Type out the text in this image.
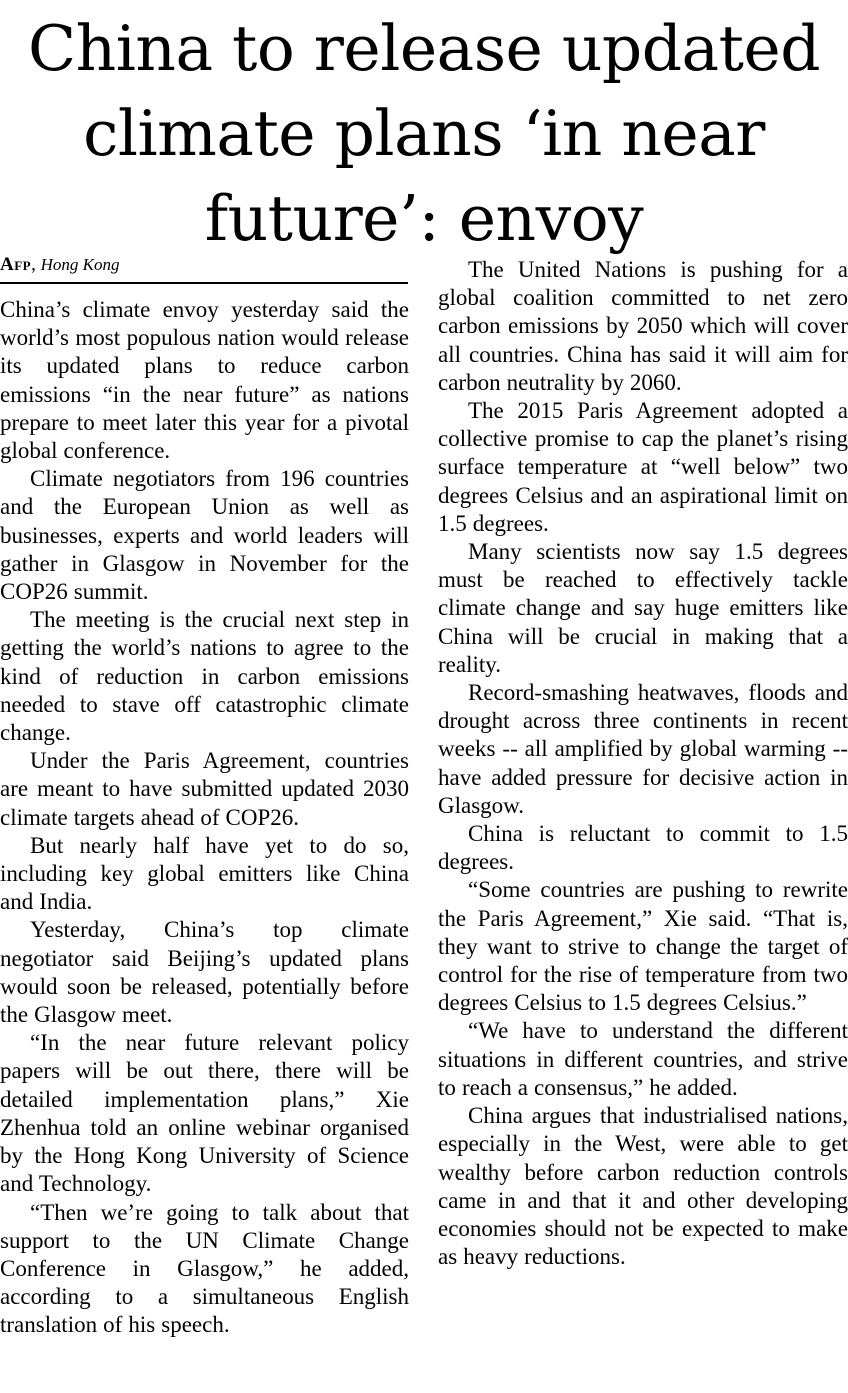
China to release updated climate plans ‘in near future’: envoy
Afp, Hong Kong

China’s climate envoy yesterday said the world’s most populous nation would release its updated plans to reduce carbon emissions “in the near future” as nations prepare to meet later this year for a pivotal global conference.

Climate negotiators from 196 countries and the European Union as well as businesses, experts and world leaders will gather in Glasgow in November for the COP26 summit.

The meeting is the crucial next step in getting the world’s nations to agree to the kind of reduction in carbon emissions needed to stave off catastrophic climate change.

Under the Paris Agreement, countries are meant to have submitted updated 2030 climate targets ahead of COP26.

But nearly half have yet to do so, including key global emitters like China and India.

Yesterday, China’s top climate negotiator said Beijing’s updated plans would soon be released, potentially before the Glasgow meet.

“In the near future relevant policy papers will be out there, there will be detailed implementation plans,” Xie Zhenhua told an online webinar organised by the Hong Kong University of Science and Technology.

“Then we’re going to talk about that support to the UN Climate Change Conference in Glasgow,” he added, according to a simultaneous English translation of his speech.

The United Nations is pushing for a global coalition committed to net zero carbon emissions by 2050 which will cover all countries. China has said it will aim for carbon neutrality by 2060.

The 2015 Paris Agreement adopted a collective promise to cap the planet’s rising surface temperature at “well below” two degrees Celsius and an aspirational limit on 1.5 degrees.

Many scientists now say 1.5 degrees must be reached to effectively tackle climate change and say huge emitters like China will be crucial in making that a reality.

Record-smashing heatwaves, floods and drought across three continents in recent weeks -- all amplified by global warming -- have added pressure for decisive action in Glasgow.

China is reluctant to commit to 1.5 degrees.

“Some countries are pushing to rewrite the Paris Agreement,” Xie said. “That is, they want to strive to change the target of control for the rise of temperature from two degrees Celsius to 1.5 degrees Celsius.”

“We have to understand the different situations in different countries, and strive to reach a consensus,” he added.

China argues that industrialised nations, especially in the West, were able to get wealthy before carbon reduction controls came in and that it and other developing economies should not be expected to make as heavy reductions.
